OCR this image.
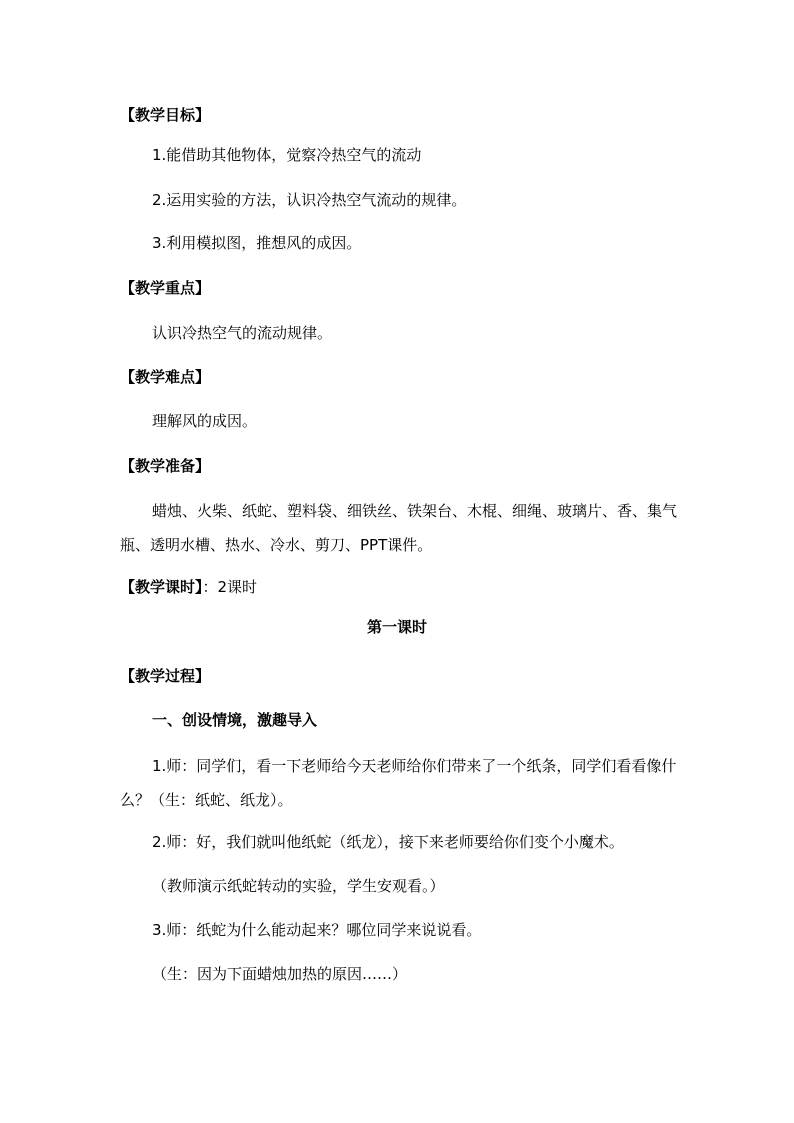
【教学目标】
1.能借助其他物体，觉察冷热空气的流动
2.运用实验的方法，认识冷热空气流动的规律。
3.利用模拟图，推想风的成因。
【教学重点】
认识冷热空气的流动规律。
【教学难点】
理解风的成因。
【教学准备】
蜡烛、火柴、纸蛇、塑料袋、细铁丝、铁架台、木棍、细绳、玻璃片、香、集气瓶、透明水槽、热水、冷水、剪刀、PPT课件。
【教学课时】：2课时
第一课时
【教学过程】
一、创设情境，激趣导入
1.师：同学们，看一下老师给今天老师给你们带来了一个纸条，同学们看看像什么？（生：纸蛇、纸龙）。
2.师：好，我们就叫他纸蛇（纸龙），接下来老师要给你们变个小魔术。
（教师演示纸蛇转动的实验，学生安观看。）
3.师：纸蛇为什么能动起来？哪位同学来说说看。
（生：因为下面蜡烛加热的原因……）
